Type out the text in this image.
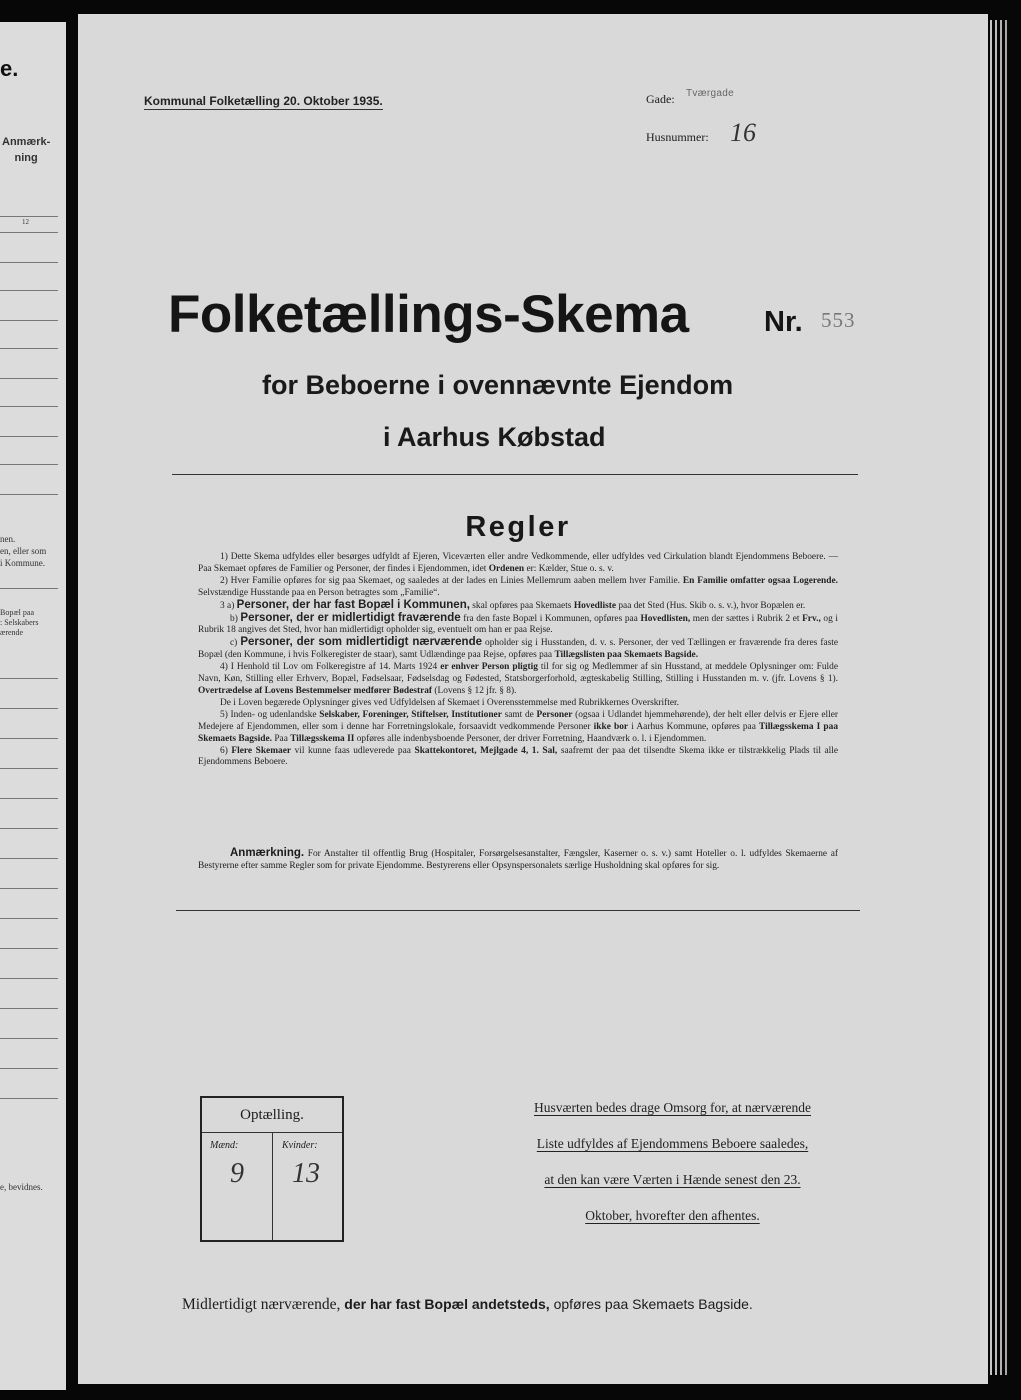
e.
Anmærk-
ning
12
nen.
en, eller som
i Kommune.
Bopæl paa
: Selskabers
ærende
e, bevidnes.
Kommunal Folketælling 20. Oktober 1935.	Gade: Tværgade
Husnummer: 16
Folketællings-Skema	Nr. 553
for Beboerne i ovennævnte Ejendom
i Aarhus Købstad
Regler

1) Dette Skema udfyldes eller besørges udfyldt af Ejeren, Viceværten eller andre Vedkommende, eller udfyldes ved Cirkulation blandt Ejendommens Beboere. — Paa Skemaet opføres de Familier og Personer, der findes i Ejendommen, idet Ordenen er: Kælder, Stue o. s. v.

2) Hver Familie opføres for sig paa Skemaet, og saaledes at der lades en Linies Mellemrum aaben mellem hver Familie. En Familie omfatter ogsaa Logerende. Selvstændige Husstande paa en Person betragtes som „Familie“.

3 a) Personer, der har fast Bopæl i Kommunen, skal opføres paa Skemaets Hovedliste paa det Sted (Hus. Skib o. s. v.), hvor Bopælen er.

b) Personer, der er midlertidigt fraværende fra den faste Bopæl i Kommunen, opføres paa Hovedlisten, men der sættes i Rubrik 2 et Frv., og i Rubrik 18 angives det Sted, hvor han midlertidigt opholder sig, eventuelt om han er paa Rejse.

c) Personer, der som midlertidigt nærværende opholder sig i Husstanden, d. v. s. Personer, der ved Tællingen er fraværende fra deres faste Bopæl (den Kommune, i hvis Folkeregister de staar), samt Udlændinge paa Rejse, opføres paa Tillægslisten paa Skemaets Bagside.

4) I Henhold til Lov om Folkeregistre af 14. Marts 1924 er enhver Person pligtig til for sig og Medlemmer af sin Husstand, at meddele Oplysninger om: Fulde Navn, Køn, Stilling eller Erhverv, Bopæl, Fødselsaar, Fødselsdag og Fødested, Statsborgerforhold, ægteskabelig Stilling, Stilling i Husstanden m. v. (jfr. Lovens § 1). Overtrædelse af Lovens Bestemmelser medfører Bødestraf (Lovens § 12 jfr. § 8).

De i Loven begærede Oplysninger gives ved Udfyldelsen af Skemaet i Overensstemmelse med Rubrikkernes Overskrifter.

5) Inden- og udenlandske Selskaber, Foreninger, Stiftelser, Institutioner samt de Personer (ogsaa i Udlandet hjemmehørende), der helt eller delvis er Ejere eller Medejere af Ejendommen, eller som i denne har Forretningslokale, forsaavidt vedkommende Personer ikke bor i Aarhus Kommune, opføres paa Tillægsskema I paa Skemaets Bagside. Paa Tillægsskema II opføres alle indenbysboende Personer, der driver Forretning, Haandværk o. l. i Ejendommen.

6) Flere Skemaer vil kunne faas udleverede paa Skattekontoret, Mejlgade 4, 1. Sal, saafremt der paa det tilsendte Skema ikke er tilstrækkelig Plads til alle Ejendommens Beboere.

Anmærkning. For Anstalter til offentlig Brug (Hospitaler, Forsørgelsesanstalter, Fængsler, Kaserner o. s. v.) samt Hoteller o. l. udfyldes Skemaerne af Bestyrerne efter samme Regler som for private Ejendomme. Bestyrerens eller Opsynspersonalets særlige Husholdning skal opføres for sig.
Optælling.
Mænd:	Kvinder:
9 13
Husværten bedes drage Omsorg for, at nærværende
Liste udfyldes af Ejendommens Beboere saaledes,
at den kan være Værten i Hænde senest den 23.
Oktober, hvorefter den afhentes.
Midlertidigt nærværende, der har fast Bopæl andetsteds, opføres paa Skemaets Bagside.
